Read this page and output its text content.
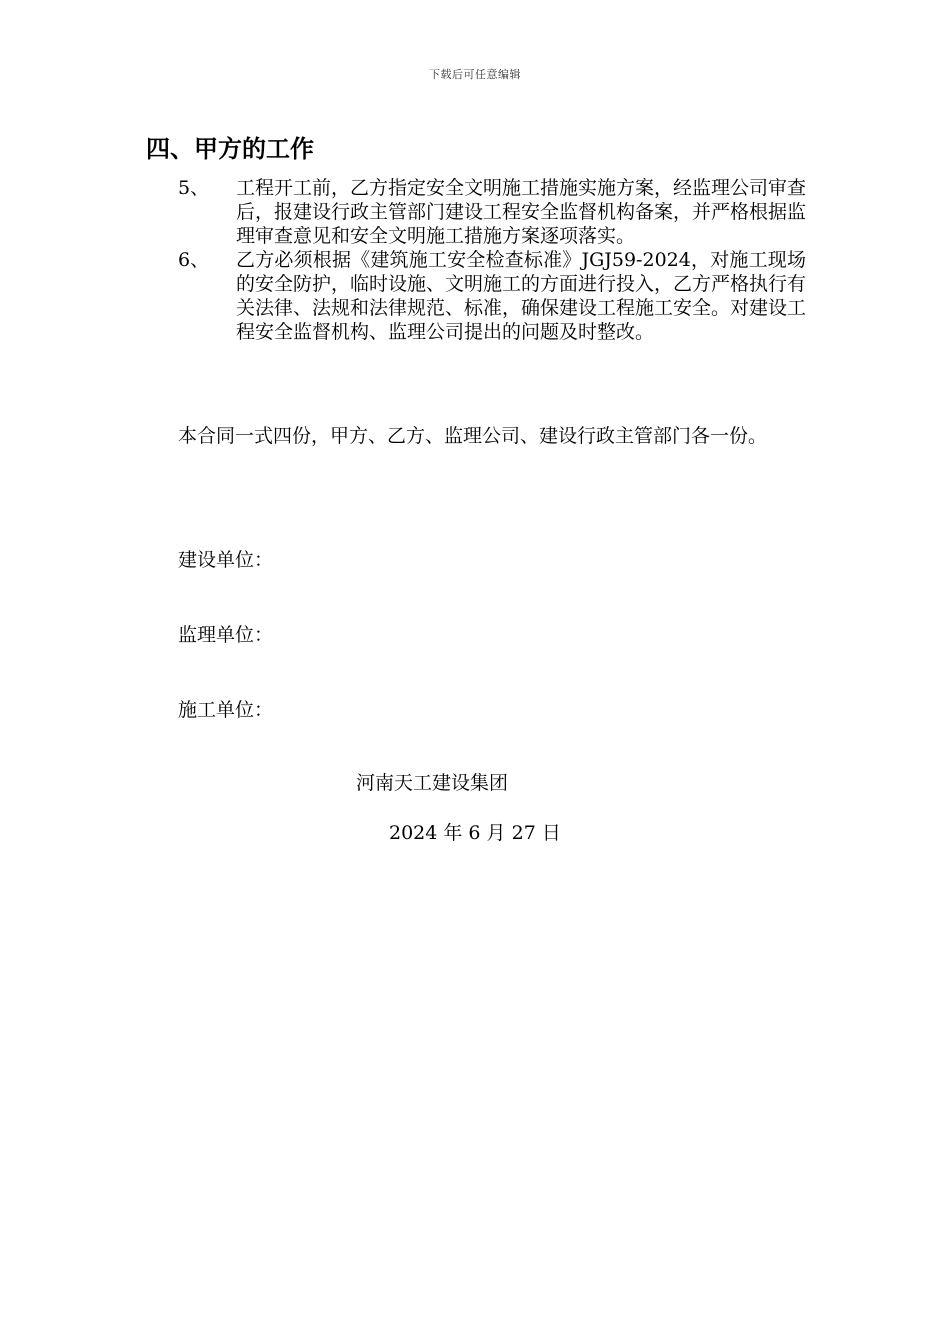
下载后可任意编辑
四、甲方的工作
5、	工程开工前，乙方指定安全文明施工措施实施方案，经监理公司审查后，报建设行政主管部门建设工程安全监督机构备案，并严格根据监理审查意见和安全文明施工措施方案逐项落实。
6、	乙方必须根据《建筑施工安全检查标准》JGJ59-2024，对施工现场的安全防护，临时设施、文明施工的方面进行投入，乙方严格执行有关法律、法规和法律规范、标准，确保建设工程施工安全。对建设工程安全监督机构、监理公司提出的问题及时整改。
本合同一式四份，甲方、乙方、监理公司、建设行政主管部门各一份。
建设单位：
监理单位：
施工单位：
河南天工建设集团
2024 年 6 月 27 日
